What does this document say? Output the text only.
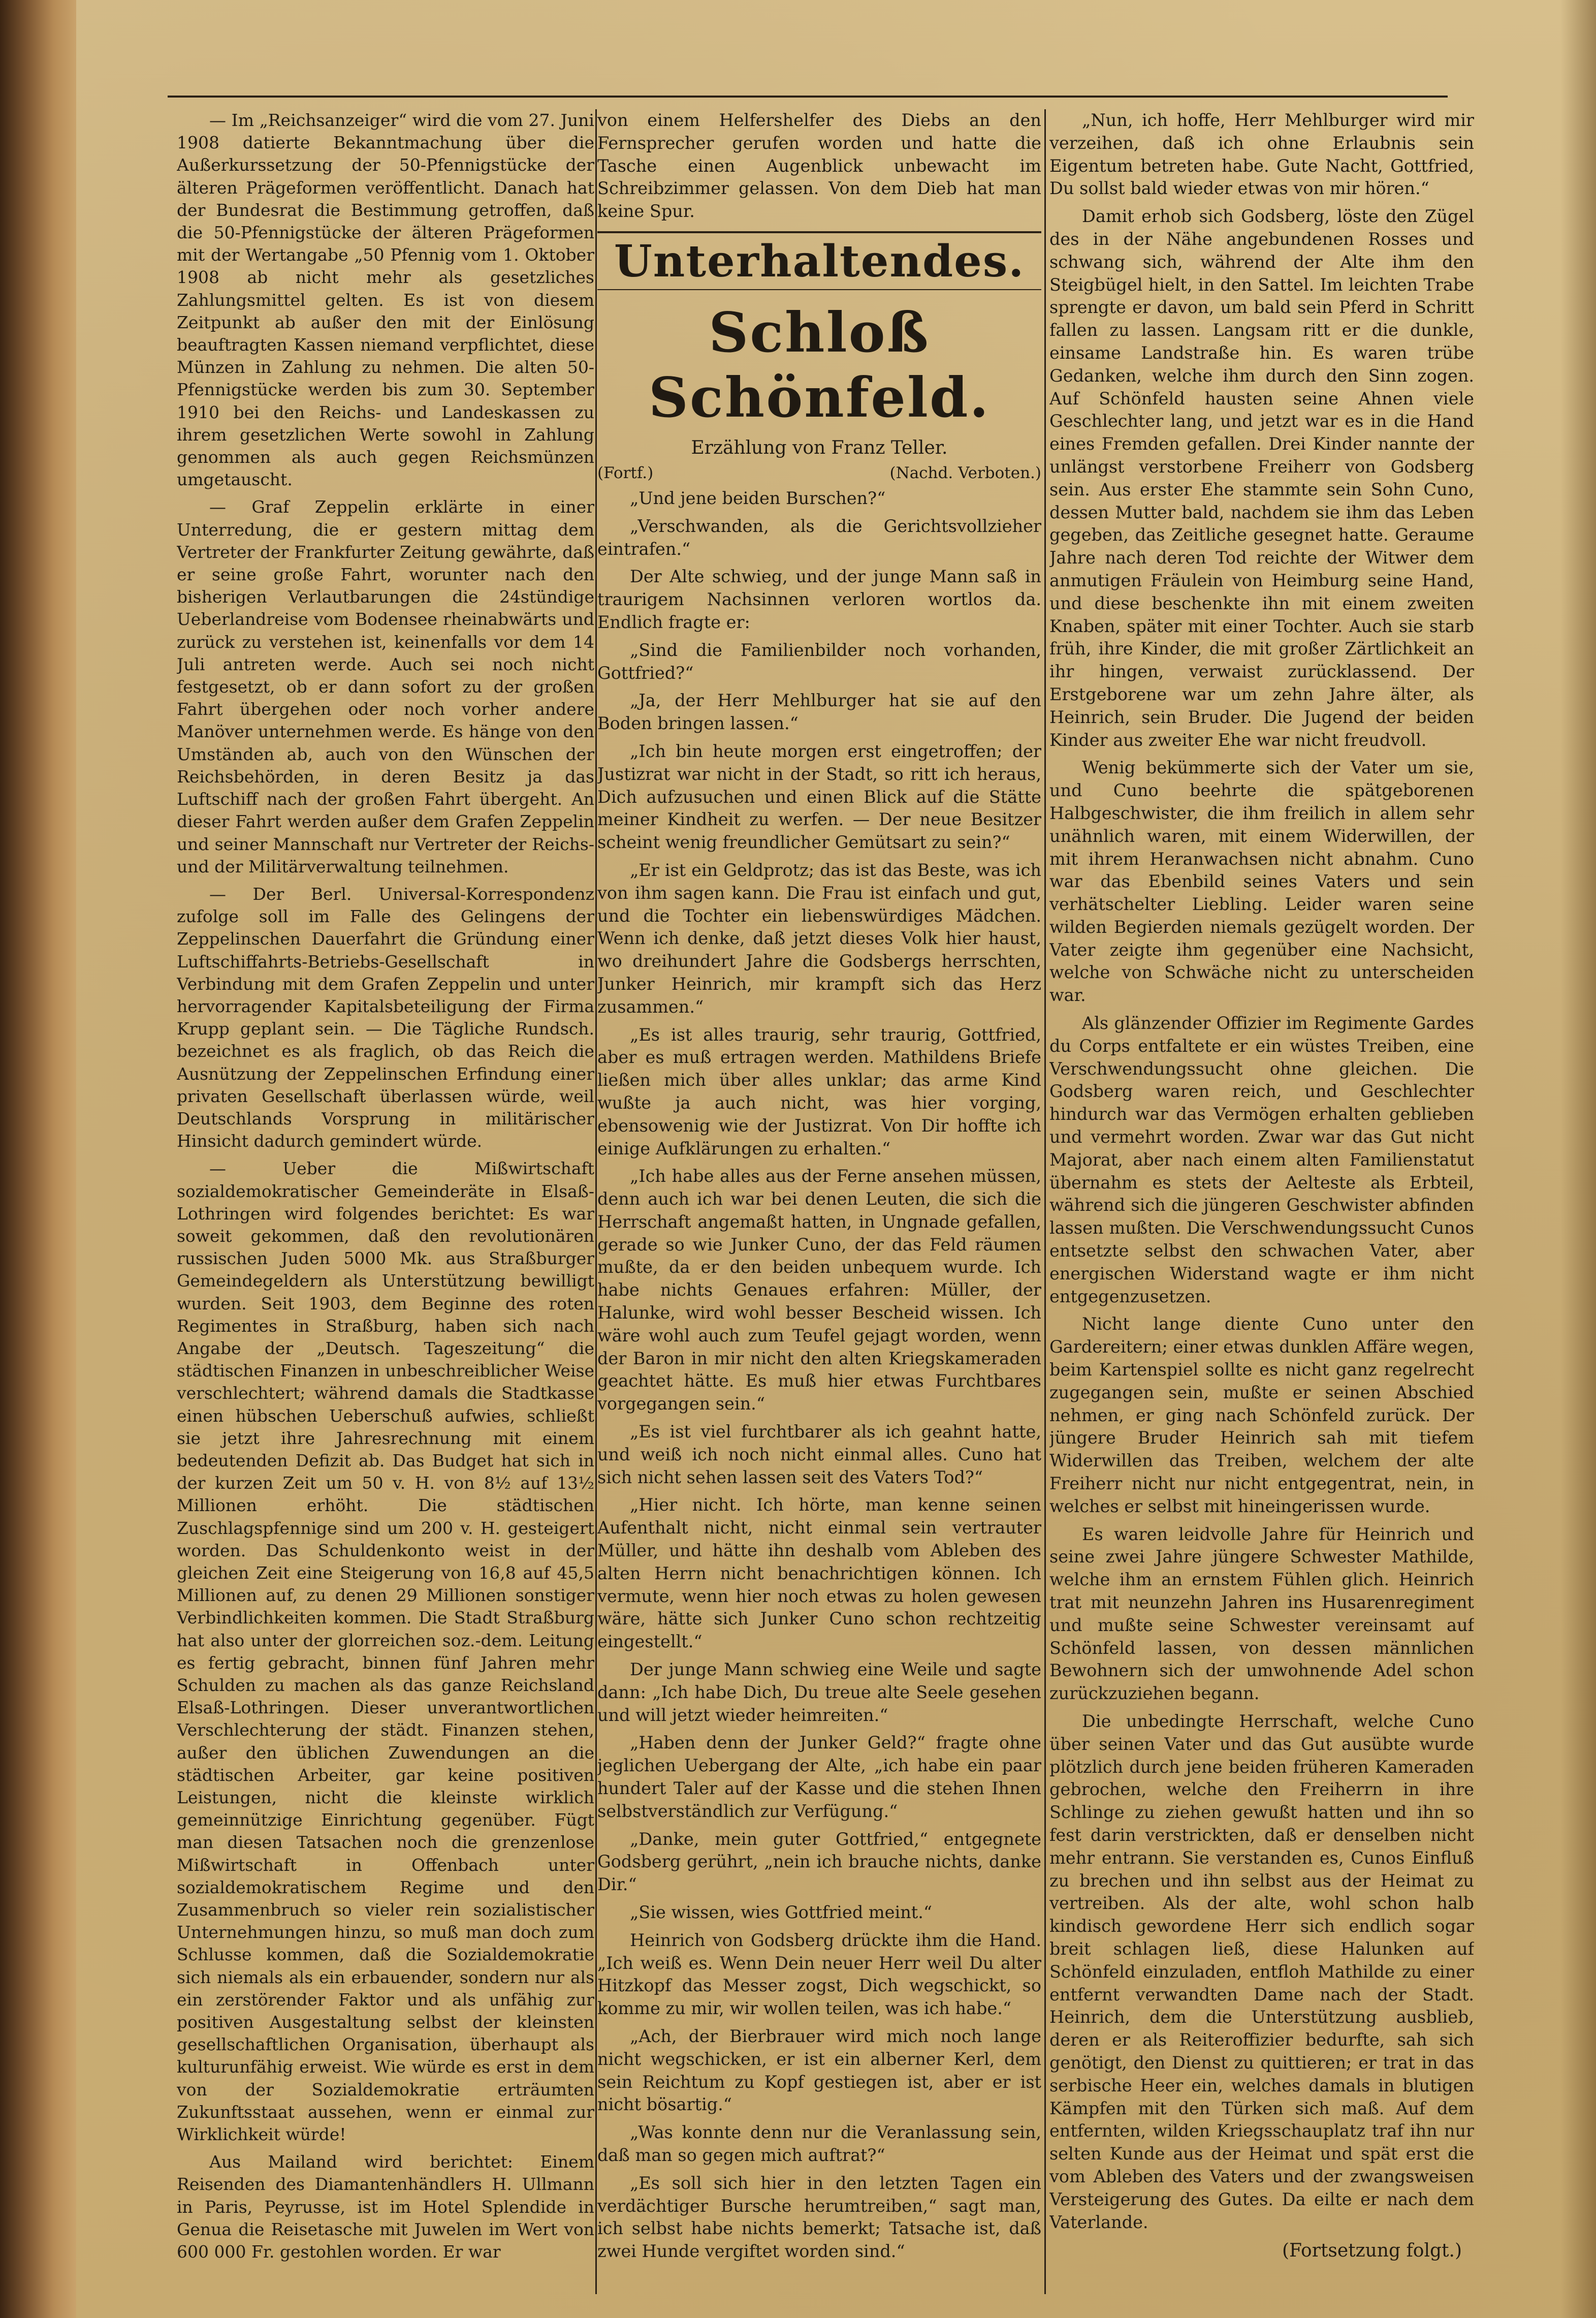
— Im „Reichsanzeiger“ wird die vom 27. Juni 1908 datierte Bekanntmachung über die Außerkurssetzung der 50-Pfennigstücke der älteren Prägeformen veröffentlicht. Danach hat der Bundesrat die Bestimmung getroffen, daß die 50-Pfennigstücke der älteren Prägeformen mit der Wertangabe „50 Pfennig vom 1. Oktober 1908 ab nicht mehr als gesetzliches Zahlungsmittel gelten. Es ist von diesem Zeitpunkt ab außer den mit der Einlösung beauftragten Kassen niemand verpflichtet, diese Münzen in Zahlung zu nehmen. Die alten 50-Pfennigstücke werden bis zum 30. September 1910 bei den Reichs- und Landeskassen zu ihrem gesetzlichen Werte sowohl in Zahlung genommen als auch gegen Reichsmünzen umgetauscht.

— Graf Zeppelin erklärte in einer Unterredung, die er gestern mittag dem Vertreter der Frankfurter Zeitung gewährte, daß er seine große Fahrt, worunter nach den bisherigen Verlautbarungen die 24stündige Ueberlandreise vom Bodensee rheinabwärts und zurück zu verstehen ist, keinenfalls vor dem 14 Juli antreten werde. Auch sei noch nicht festgesetzt, ob er dann sofort zu der großen Fahrt übergehen oder noch vorher andere Manöver unternehmen werde. Es hänge von den Umständen ab, auch von den Wünschen der Reichsbehörden, in deren Besitz ja das Luftschiff nach der großen Fahrt übergeht. An dieser Fahrt werden außer dem Grafen Zeppelin und seiner Mannschaft nur Vertreter der Reichs- und der Militärverwaltung teilnehmen.

— Der Berl. Universal-Korrespondenz zufolge soll im Falle des Gelingens der Zeppelinschen Dauerfahrt die Gründung einer Luftschiffahrts-Betriebs-Gesellschaft in Verbindung mit dem Grafen Zeppelin und unter hervorragender Kapitalsbeteiligung der Firma Krupp geplant sein. — Die Tägliche Rundsch. bezeichnet es als fraglich, ob das Reich die Ausnützung der Zeppelinschen Erfindung einer privaten Gesellschaft überlassen würde, weil Deutschlands Vorsprung in militärischer Hinsicht dadurch gemindert würde.

— Ueber die Mißwirtschaft sozialdemokratischer Gemeinderäte in Elsaß-Lothringen wird folgendes berichtet: Es war soweit gekommen, daß den revolutionären russischen Juden 5000 Mk. aus Straßburger Gemeindegeldern als Unterstützung bewilligt wurden. Seit 1903, dem Beginne des roten Regimentes in Straßburg, haben sich nach Angabe der „Deutsch. Tageszeitung“ die städtischen Finanzen in unbeschreiblicher Weise verschlechtert; während damals die Stadtkasse einen hübschen Ueberschuß aufwies, schließt sie jetzt ihre Jahresrechnung mit einem bedeutenden Defizit ab. Das Budget hat sich in der kurzen Zeit um 50 v. H. von 8½ auf 13½ Millionen erhöht. Die städtischen Zuschlagspfennige sind um 200 v. H. gesteigert worden. Das Schuldenkonto weist in der gleichen Zeit eine Steigerung von 16,8 auf 45,5 Millionen auf, zu denen 29 Millionen sonstiger Verbindlichkeiten kommen. Die Stadt Straßburg hat also unter der glorreichen soz.-dem. Leitung es fertig gebracht, binnen fünf Jahren mehr Schulden zu machen als das ganze Reichsland Elsaß-Lothringen. Dieser unverantwortlichen Verschlechterung der städt. Finanzen stehen, außer den üblichen Zuwendungen an die städtischen Arbeiter, gar keine positiven Leistungen, nicht die kleinste wirklich gemeinnützige Einrichtung gegenüber. Fügt man diesen Tatsachen noch die grenzenlose Mißwirtschaft in Offenbach unter sozialdemokratischem Regime und den Zusammenbruch so vieler rein sozialistischer Unternehmungen hinzu, so muß man doch zum Schlusse kommen, daß die Sozialdemokratie sich niemals als ein erbauender, sondern nur als ein zerstörender Faktor und als unfähig zur positiven Ausgestaltung selbst der kleinsten gesellschaftlichen Organisation, überhaupt als kulturunfähig erweist. Wie würde es erst in dem von der Sozialdemokratie erträumten Zukunftsstaat aussehen, wenn er einmal zur Wirklichkeit würde!

Aus Mailand wird berichtet: Einem Reisenden des Diamantenhändlers H. Ullmann in Paris, Peyrusse, ist im Hotel Splendide in Genua die Reisetasche mit Juwelen im Wert von 600 000 Fr. gestohlen worden. Er war

von einem Helfershelfer des Diebs an den Fernsprecher gerufen worden und hatte die Tasche einen Augenblick unbewacht im Schreibzimmer gelassen. Von dem Dieb hat man keine Spur.

Unterhaltendes.
Schloß Schönfeld.
Erzählung von Franz Teller.
(Fortf.)	(Nachd. Verboten.)

„Und jene beiden Burschen?“

„Verschwanden, als die Gerichtsvollzieher eintrafen.“

Der Alte schwieg, und der junge Mann saß in traurigem Nachsinnen verloren wortlos da. Endlich fragte er:

„Sind die Familienbilder noch vorhanden, Gottfried?“

„Ja, der Herr Mehlburger hat sie auf den Boden bringen lassen.“

„Ich bin heute morgen erst eingetroffen; der Justizrat war nicht in der Stadt, so ritt ich heraus, Dich aufzusuchen und einen Blick auf die Stätte meiner Kindheit zu werfen. — Der neue Besitzer scheint wenig freundlicher Gemütsart zu sein?“

„Er ist ein Geldprotz; das ist das Beste, was ich von ihm sagen kann. Die Frau ist einfach und gut, und die Tochter ein liebenswürdiges Mädchen. Wenn ich denke, daß jetzt dieses Volk hier haust, wo dreihundert Jahre die Godsbergs herrschten, Junker Heinrich, mir krampft sich das Herz zusammen.“

„Es ist alles traurig, sehr traurig, Gottfried, aber es muß ertragen werden. Mathildens Briefe ließen mich über alles unklar; das arme Kind wußte ja auch nicht, was hier vorging, ebensowenig wie der Justizrat. Von Dir hoffte ich einige Aufklärungen zu erhalten.“

„Ich habe alles aus der Ferne ansehen müssen, denn auch ich war bei denen Leuten, die sich die Herrschaft angemaßt hatten, in Ungnade gefallen, gerade so wie Junker Cuno, der das Feld räumen mußte, da er den beiden unbequem wurde. Ich habe nichts Genaues erfahren: Müller, der Halunke, wird wohl besser Bescheid wissen. Ich wäre wohl auch zum Teufel gejagt worden, wenn der Baron in mir nicht den alten Kriegskameraden geachtet hätte. Es muß hier etwas Furchtbares vorgegangen sein.“

„Es ist viel furchtbarer als ich geahnt hatte, und weiß ich noch nicht einmal alles. Cuno hat sich nicht sehen lassen seit des Vaters Tod?“

„Hier nicht. Ich hörte, man kenne seinen Aufenthalt nicht, nicht einmal sein vertrauter Müller, und hätte ihn deshalb vom Ableben des alten Herrn nicht benachrichtigen können. Ich vermute, wenn hier noch etwas zu holen gewesen wäre, hätte sich Junker Cuno schon rechtzeitig eingestellt.“

Der junge Mann schwieg eine Weile und sagte dann: „Ich habe Dich, Du treue alte Seele gesehen und will jetzt wieder heimreiten.“

„Haben denn der Junker Geld?“ fragte ohne jeglichen Uebergang der Alte, „ich habe ein paar hundert Taler auf der Kasse und die stehen Ihnen selbstverständlich zur Verfügung.“

„Danke, mein guter Gottfried,“ entgegnete Godsberg gerührt, „nein ich brauche nichts, danke Dir.“

„Sie wissen, wies Gottfried meint.“

Heinrich von Godsberg drückte ihm die Hand. „Ich weiß es. Wenn Dein neuer Herr weil Du alter Hitzkopf das Messer zogst, Dich wegschickt, so komme zu mir, wir wollen teilen, was ich habe.“

„Ach, der Bierbrauer wird mich noch lange nicht wegschicken, er ist ein alberner Kerl, dem sein Reichtum zu Kopf gestiegen ist, aber er ist nicht bösartig.“

„Was konnte denn nur die Veranlassung sein, daß man so gegen mich auftrat?“

„Es soll sich hier in den letzten Tagen ein verdächtiger Bursche herumtreiben,“ sagt man, ich selbst habe nichts bemerkt; Tatsache ist, daß zwei Hunde vergiftet worden sind.“

„Nun, ich hoffe, Herr Mehlburger wird mir verzeihen, daß ich ohne Erlaubnis sein Eigentum betreten habe. Gute Nacht, Gottfried, Du sollst bald wieder etwas von mir hören.“

Damit erhob sich Godsberg, löste den Zügel des in der Nähe angebundenen Rosses und schwang sich, während der Alte ihm den Steigbügel hielt, in den Sattel. Im leichten Trabe sprengte er davon, um bald sein Pferd in Schritt fallen zu lassen. Langsam ritt er die dunkle, einsame Landstraße hin. Es waren trübe Gedanken, welche ihm durch den Sinn zogen. Auf Schönfeld hausten seine Ahnen viele Geschlechter lang, und jetzt war es in die Hand eines Fremden gefallen. Drei Kinder nannte der unlängst verstorbene Freiherr von Godsberg sein. Aus erster Ehe stammte sein Sohn Cuno, dessen Mutter bald, nachdem sie ihm das Leben gegeben, das Zeitliche gesegnet hatte. Geraume Jahre nach deren Tod reichte der Witwer dem anmutigen Fräulein von Heimburg seine Hand, und diese beschenkte ihn mit einem zweiten Knaben, später mit einer Tochter. Auch sie starb früh, ihre Kinder, die mit großer Zärtlichkeit an ihr hingen, verwaist zurücklassend. Der Erstgeborene war um zehn Jahre älter, als Heinrich, sein Bruder. Die Jugend der beiden Kinder aus zweiter Ehe war nicht freudvoll.

Wenig bekümmerte sich der Vater um sie, und Cuno beehrte die spätgeborenen Halbgeschwister, die ihm freilich in allem sehr unähnlich waren, mit einem Widerwillen, der mit ihrem Heranwachsen nicht abnahm. Cuno war das Ebenbild seines Vaters und sein verhätschelter Liebling. Leider waren seine wilden Begierden niemals gezügelt worden. Der Vater zeigte ihm gegenüber eine Nachsicht, welche von Schwäche nicht zu unterscheiden war.

Als glänzender Offizier im Regimente Gardes du Corps entfaltete er ein wüstes Treiben, eine Verschwendungssucht ohne gleichen. Die Godsberg waren reich, und Geschlechter hindurch war das Vermögen erhalten geblieben und vermehrt worden. Zwar war das Gut nicht Majorat, aber nach einem alten Familienstatut übernahm es stets der Aelteste als Erbteil, während sich die jüngeren Geschwister abfinden lassen mußten. Die Verschwendungssucht Cunos entsetzte selbst den schwachen Vater, aber energischen Widerstand wagte er ihm nicht entgegenzusetzen.

Nicht lange diente Cuno unter den Gardereitern; einer etwas dunklen Affäre wegen, beim Kartenspiel sollte es nicht ganz regelrecht zugegangen sein, mußte er seinen Abschied nehmen, er ging nach Schönfeld zurück. Der jüngere Bruder Heinrich sah mit tiefem Widerwillen das Treiben, welchem der alte Freiherr nicht nur nicht entgegentrat, nein, in welches er selbst mit hineingerissen wurde.

Es waren leidvolle Jahre für Heinrich und seine zwei Jahre jüngere Schwester Mathilde, welche ihm an ernstem Fühlen glich. Heinrich trat mit neunzehn Jahren ins Husarenregiment und mußte seine Schwester vereinsamt auf Schönfeld lassen, von dessen männlichen Bewohnern sich der umwohnende Adel schon zurückzuziehen begann.

Die unbedingte Herrschaft, welche Cuno über seinen Vater und das Gut ausübte wurde plötzlich durch jene beiden früheren Kameraden gebrochen, welche den Freiherrn in ihre Schlinge zu ziehen gewußt hatten und ihn so fest darin verstrickten, daß er denselben nicht mehr entrann. Sie verstanden es, Cunos Einfluß zu brechen und ihn selbst aus der Heimat zu vertreiben. Als der alte, wohl schon halb kindisch gewordene Herr sich endlich sogar breit schlagen ließ, diese Halunken auf Schönfeld einzuladen, entfloh Mathilde zu einer entfernt verwandten Dame nach der Stadt. Heinrich, dem die Unterstützung ausblieb, deren er als Reiteroffizier bedurfte, sah sich genötigt, den Dienst zu quittieren; er trat in das serbische Heer ein, welches damals in blutigen Kämpfen mit den Türken sich maß. Auf dem entfernten, wilden Kriegsschauplatz traf ihn nur selten Kunde aus der Heimat und spät erst die vom Ableben des Vaters und der zwangsweisen Versteigerung des Gutes. Da eilte er nach dem Vaterlande.

(Fortsetzung folgt.)
